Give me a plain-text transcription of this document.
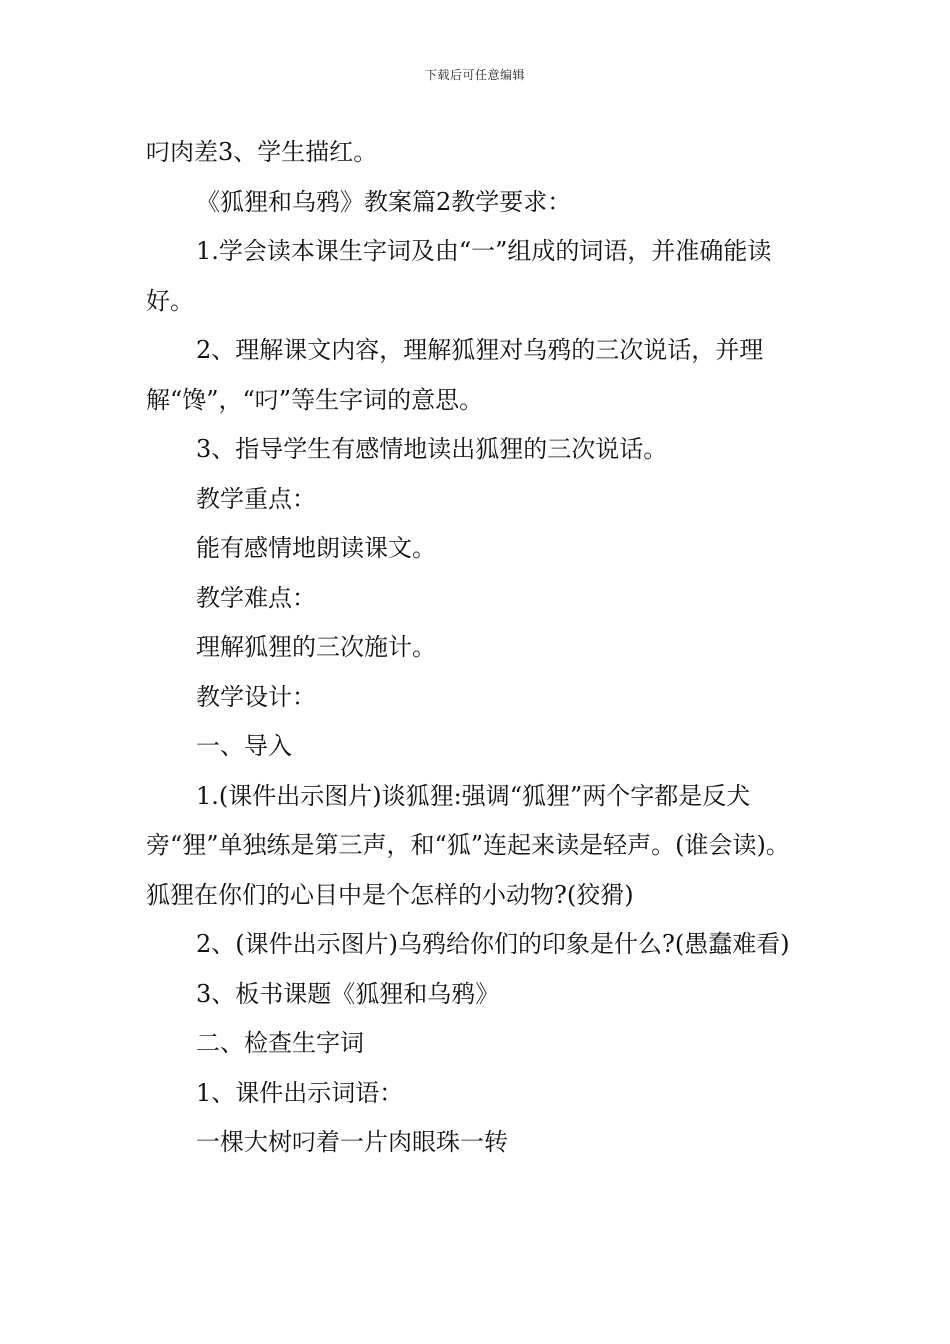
下载后可任意编辑

叼肉差3、学生描红。

《狐狸和乌鸦》教案篇2教学要求：

1.学会读本课生字词及由“一”组成的词语，并准确能读好。

2、理解课文内容，理解狐狸对乌鸦的三次说话，并理解“馋”，“叼”等生字词的意思。

3、指导学生有感情地读出狐狸的三次说话。

教学重点：

能有感情地朗读课文。

教学难点：

理解狐狸的三次施计。

教学设计：

一、导入

1.(课件出示图片)谈狐狸:强调“狐狸”两个字都是反犬旁“狸”单独练是第三声，和“狐”连起来读是轻声。(谁会读)。狐狸在你们的心目中是个怎样的小动物?(狡猾)

2、(课件出示图片)乌鸦给你们的印象是什么?(愚蠢难看)

3、板书课题《狐狸和乌鸦》

二、检查生字词

1、课件出示词语：

一棵大树叼着一片肉眼珠一转
